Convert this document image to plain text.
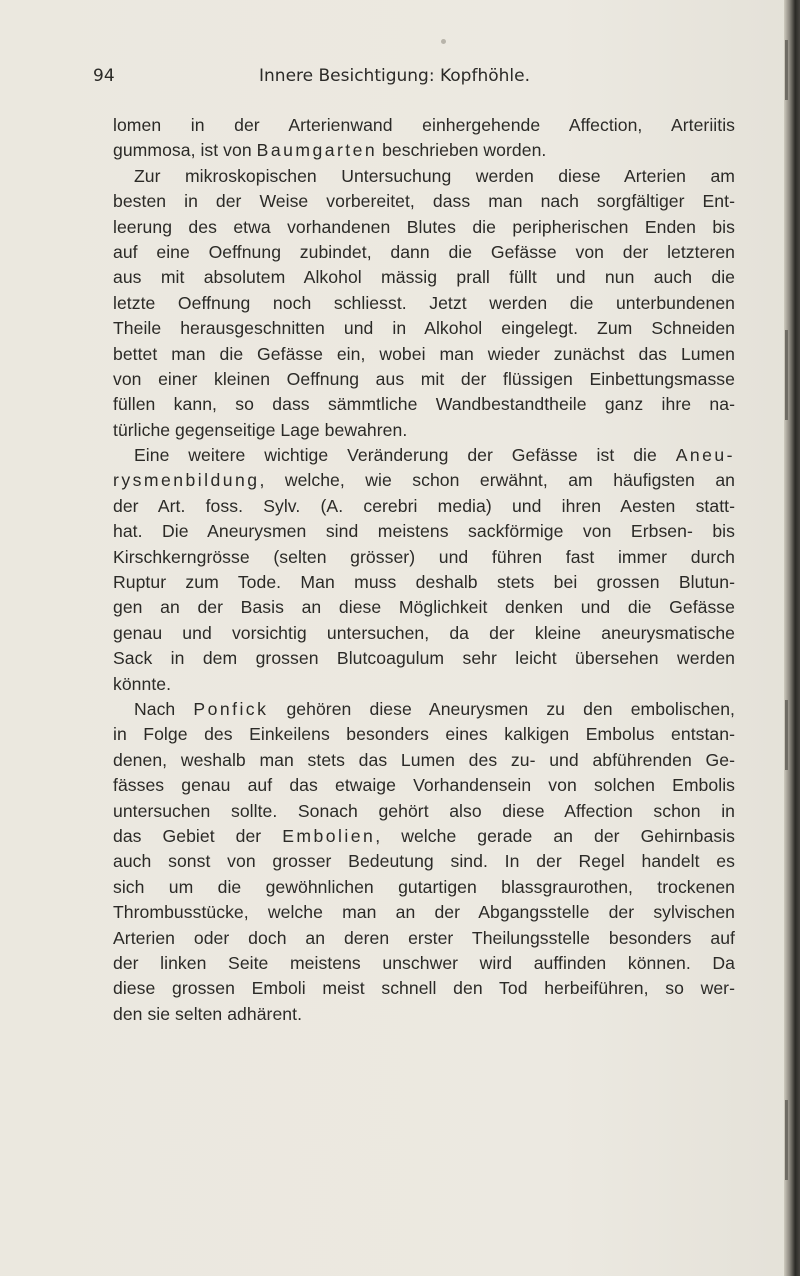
94	Innere Besichtigung: Kopfhöhle.
lomen in der Arterienwand einhergehende Affection, Arteriitis
gummosa, ist von Baumgarten beschrieben worden.
Zur mikroskopischen Untersuchung werden diese Arterien am
besten in der Weise vorbereitet, dass man nach sorgfältiger Ent-
leerung des etwa vorhandenen Blutes die peripherischen Enden bis
auf eine Oeffnung zubindet, dann die Gefässe von der letzteren
aus mit absolutem Alkohol mässig prall füllt und nun auch die
letzte Oeffnung noch schliesst. Jetzt werden die unterbundenen
Theile herausgeschnitten und in Alkohol eingelegt. Zum Schneiden
bettet man die Gefässe ein, wobei man wieder zunächst das Lumen
von einer kleinen Oeffnung aus mit der flüssigen Einbettungsmasse
füllen kann, so dass sämmtliche Wandbestandtheile ganz ihre na-
türliche gegenseitige Lage bewahren.
Eine weitere wichtige Veränderung der Gefässe ist die Aneu-
rysmenbildung, welche, wie schon erwähnt, am häufigsten an
der Art. foss. Sylv. (A. cerebri media) und ihren Aesten statt-
hat. Die Aneurysmen sind meistens sackförmige von Erbsen- bis
Kirschkerngrösse (selten grösser) und führen fast immer durch
Ruptur zum Tode. Man muss deshalb stets bei grossen Blutun-
gen an der Basis an diese Möglichkeit denken und die Gefässe
genau und vorsichtig untersuchen, da der kleine aneurysmatische
Sack in dem grossen Blutcoagulum sehr leicht übersehen werden
könnte.
Nach Ponfick gehören diese Aneurysmen zu den embolischen,
in Folge des Einkeilens besonders eines kalkigen Embolus entstan-
denen, weshalb man stets das Lumen des zu- und abführenden Ge-
fässes genau auf das etwaige Vorhandensein von solchen Embolis
untersuchen sollte. Sonach gehört also diese Affection schon in
das Gebiet der Embolien, welche gerade an der Gehirnbasis
auch sonst von grosser Bedeutung sind. In der Regel handelt es
sich um die gewöhnlichen gutartigen blassgraurothen, trockenen
Thrombusstücke, welche man an der Abgangsstelle der sylvischen
Arterien oder doch an deren erster Theilungsstelle besonders auf
der linken Seite meistens unschwer wird auffinden können. Da
diese grossen Emboli meist schnell den Tod herbeiführen, so wer-
den sie selten adhärent.
